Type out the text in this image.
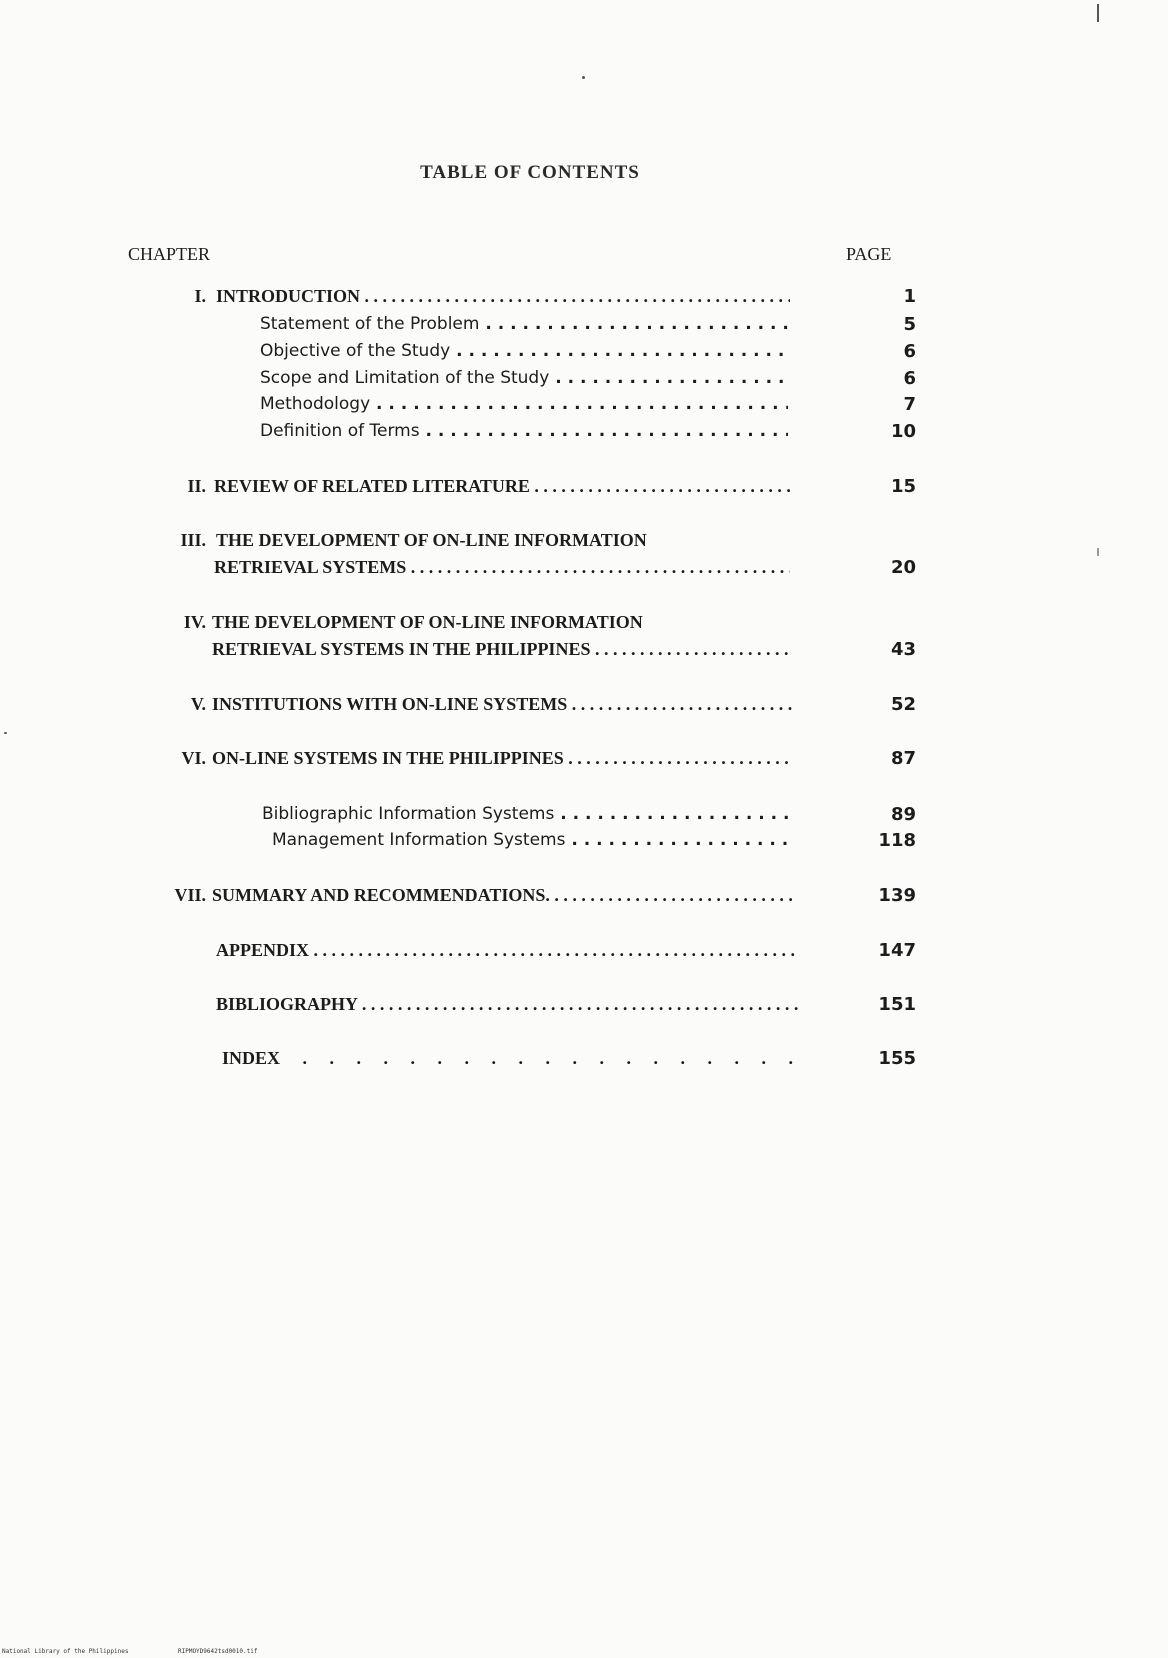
TABLE OF CONTENTS
CHAPTER	PAGE
I. INTRODUCTION . . .	1
Statement of the Problem . . .	5
Objective of the Study . . .	6
Scope and Limitation of the Study . . .	6
Methodology . . .	7
Definition of Terms . . .	10
II. REVIEW OF RELATED LITERATURE . . .	15
III. THE DEVELOPMENT OF ON-LINE INFORMATION
RETRIEVAL SYSTEMS . . .	20
IV. THE DEVELOPMENT OF ON-LINE INFORMATION
RETRIEVAL SYSTEMS IN THE PHILIPPINES . . .	43
V. INSTITUTIONS WITH ON-LINE SYSTEMS . . .	52
VI. ON-LINE SYSTEMS IN THE PHILIPPINES . . .	87
Bibliographic Information Systems . . .	89
Management Information Systems . . .	118
VII. SUMMARY AND RECOMMENDATIONS. . . .	139
APPENDIX . . .	147
BIBLIOGRAPHY . . .	151
INDEX . . .	155
National Library of the Philippines	RIPMOYD9642tsd0010.tif
